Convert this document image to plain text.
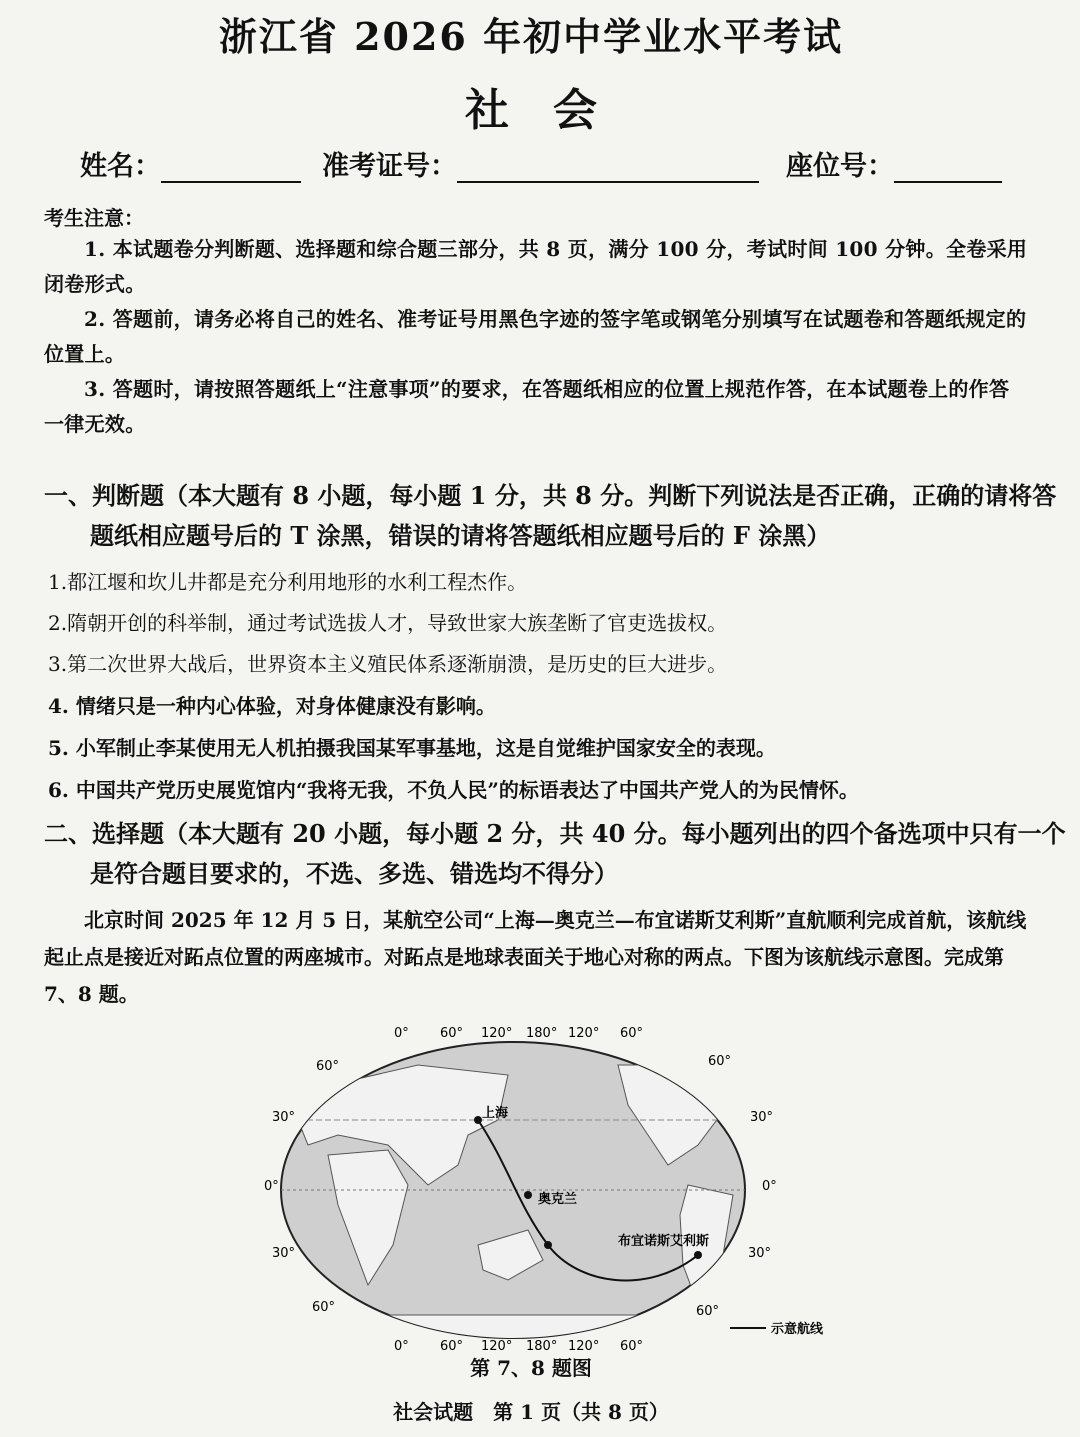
浙江省 2026 年初中学业水平考试
社　会
姓名：	准考证号：	座位号：
考生注意：
1. 本试题卷分判断题、选择题和综合题三部分，共 8 页，满分 100 分，考试时间 100 分钟。全卷采用闭卷形式。
2. 答题前，请务必将自己的姓名、准考证号用黑色字迹的签字笔或钢笔分别填写在试题卷和答题纸规定的位置上。
3. 答题时，请按照答题纸上“注意事项”的要求，在答题纸相应的位置上规范作答，在本试题卷上的作答一律无效。
一、判断题（本大题有 8 小题，每小题 1 分，共 8 分。判断下列说法是否正确，正确的请将答题纸相应题号后的 T 涂黑，错误的请将答题纸相应题号后的 F 涂黑）
1.都江堰和坎儿井都是充分利用地形的水利工程杰作。
2.隋朝开创的科举制，通过考试选拔人才，导致世家大族垄断了官吏选拔权。
3.第二次世界大战后，世界资本主义殖民体系逐渐崩溃，是历史的巨大进步。
4. 情绪只是一种内心体验，对身体健康没有影响。
5. 小军制止李某使用无人机拍摄我国某军事基地，这是自觉维护国家安全的表现。
6. 中国共产党历史展览馆内“我将无我，不负人民”的标语表达了中国共产党人的为民情怀。
二、选择题（本大题有 20 小题，每小题 2 分，共 40 分。每小题列出的四个备选项中只有一个是符合题目要求的，不选、多选、错选均不得分）
北京时间 2025 年 12 月 5 日，某航空公司“上海—奥克兰—布宜诺斯艾利斯”直航顺利完成首航，该航线起止点是接近对跖点位置的两座城市。对跖点是地球表面关于地心对称的两点。下图为该航线示意图。完成第 7、8 题。
上海
奥克兰
布宜诺斯艾利斯
0° 60° 120° 180° 120° 60°
0° 60° 120° 180° 120° 60°
60°
30°
0°
30°
60°
60°
30°
0°
30°
60°
示意航线
第 7、8 题图
社会试题　第 1 页（共 8 页）
